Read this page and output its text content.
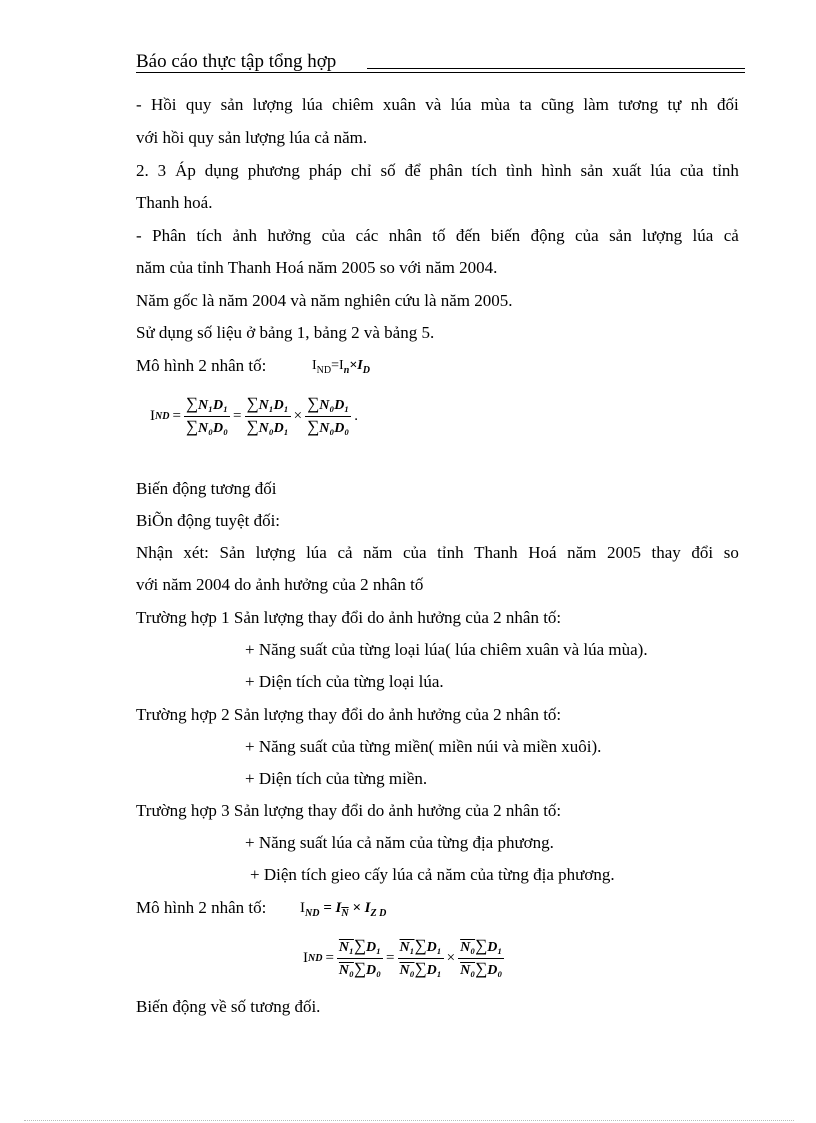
Báo cáo thực tập tổng hợp
- Hồi quy sản lượng lúa chiêm xuân và lúa mùa ta cũng làm tương tự nh đối
với hồi quy sản lượng lúa cả năm.
2. 3 Áp dụng phương pháp chỉ số để phân tích tình hình sản xuất lúa của tỉnh
Thanh hoá.
- Phân tích ảnh hưởng của các nhân tố đến biến động của sản lượng lúa cả
năm của tỉnh Thanh Hoá năm 2005 so với năm 2004.
Năm gốc là năm 2004 và năm nghiên cứu là năm 2005.
Sử dụng số liệu ở bảng 1, bảng 2 và bảng 5.
Mô hình 2 nhân tố:	$I_{ND}=I_n\times I_D$
I ND = $\frac{\text{∑N₁D₁}}{\text{∑N₀D₀}} = \frac{\text{∑N₁D₁}}{\text{∑N₀D₁}} \times \frac{\text{∑N₀D₁}}{\text{∑N₀D₀}}$ .
Biến động tương đối
BiÕn động tuyệt đối:
Nhận xét: Sản lượng lúa cả năm của tỉnh Thanh Hoá năm 2005 thay đổi so
với năm 2004 do ảnh hưởng của 2 nhân tố
Trường hợp 1 Sản lượng thay đổi do ảnh hưởng của 2 nhân tố:
+ Năng suất của từng loại lúa( lúa chiêm xuân và lúa mùa).
+ Diện tích của từng loại lúa.
Trường hợp 2 Sản lượng thay đổi do ảnh hưởng của 2 nhân tố:
+ Năng suất của từng miền( miền núi và miền xuôi).
+ Diện tích của từng miền.
Trường hợp 3 Sản lượng thay đổi do ảnh hưởng của 2 nhân tố:
+ Năng suất lúa cả năm của từng địa phương.
+ Diện tích gieo cấy lúa cả năm của từng địa phương.
Mô hình 2 nhân tố: $I_{ND} = I_{\overline{N}} \times I_{Z D}$
I ND = $\frac{\text{N₁∑D₁}}{\text{N₀∑D₀}} = \frac{\text{N₁∑D₁}}{\text{N₀∑D₁}} \times \frac{\text{N₀∑D₁}}{\text{N₀∑D₀}}$
Biến động về số tương đối.
